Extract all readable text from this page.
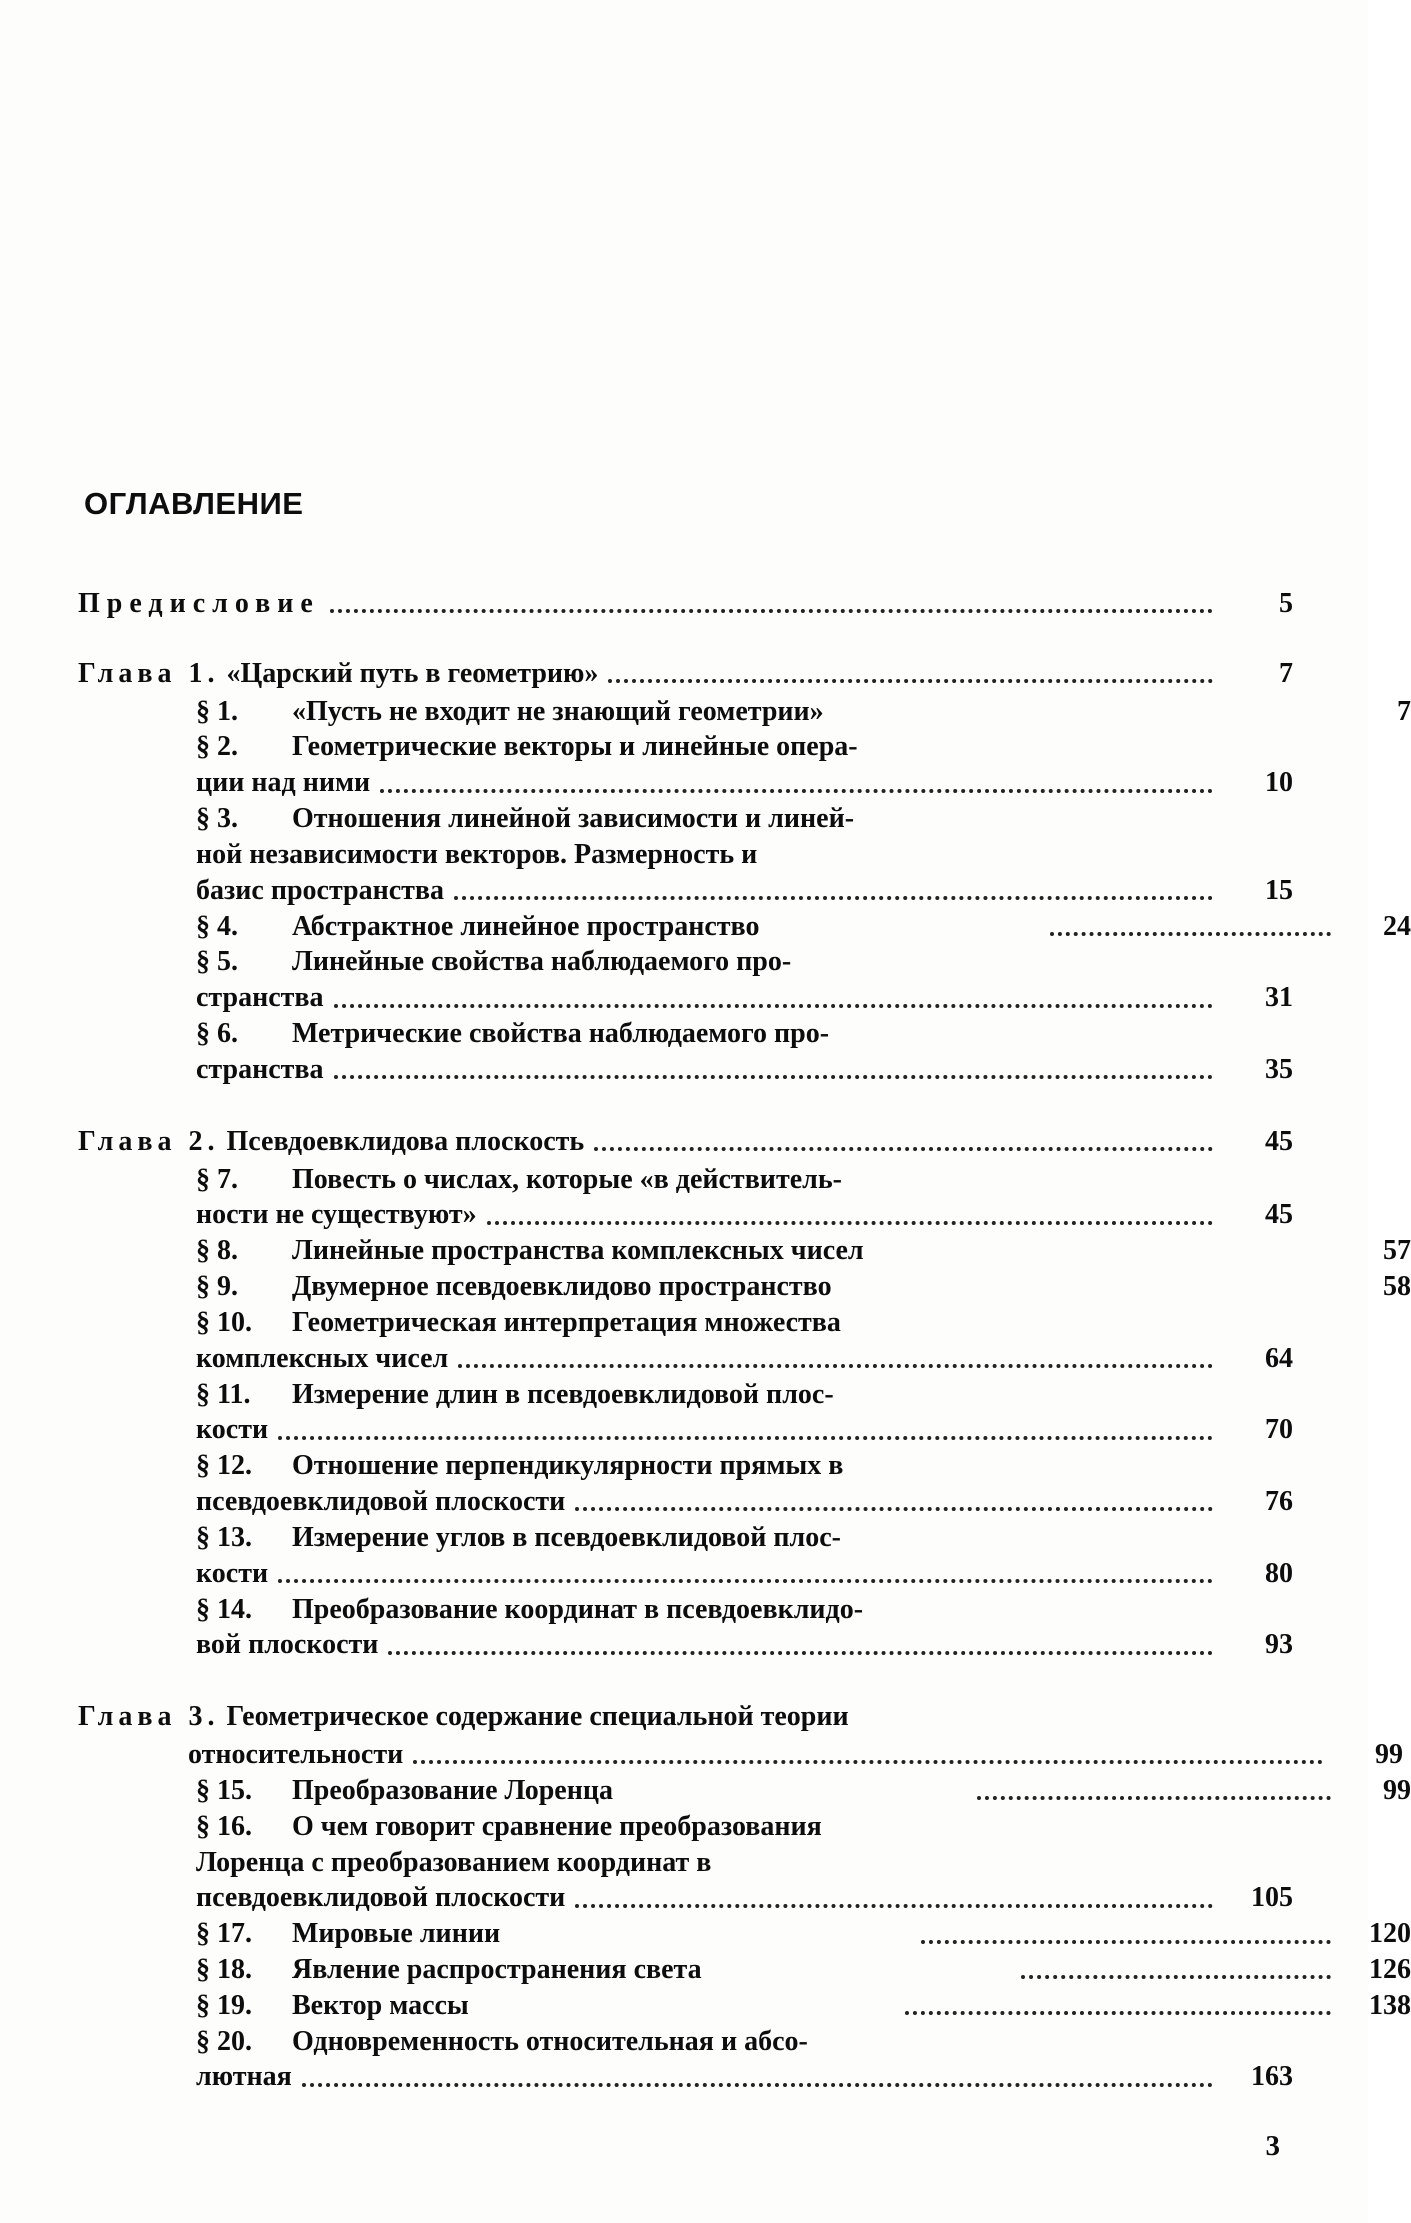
ОГЛАВЛЕНИЕ
Предисловие	5
Глава 1. «Царский путь в геометрию»	7
§ 1.	«Пусть не входит не знающий геометрии»	7
§ 2.	Геометрические векторы и линейные опера-
ции над ними	10
§ 3.	Отношения линейной зависимости и линей-
ной независимости векторов. Размерность и
базис пространства	15
§ 4.	Абстрактное линейное пространство	24
§ 5.	Линейные свойства наблюдаемого про-
странства	31
§ 6.	Метрические свойства наблюдаемого про-
странства	35
Глава 2. Псевдоевклидова плоскость	45
§ 7.	Повесть о числах, которые «в действитель-
ности не существуют»	45
§ 8.	Линейные пространства комплексных чисел	57
§ 9.	Двумерное псевдоевклидово пространство	58
§ 10.	Геометрическая интерпретация множества
комплексных чисел	64
§ 11.	Измерение длин в псевдоевклидовой плос-
кости	70
§ 12.	Отношение перпендикулярности прямых в
псевдоевклидовой плоскости	76
§ 13.	Измерение углов в псевдоевклидовой плос-
кости	80
§ 14.	Преобразование координат в псевдоевклидо-
вой плоскости	93
Глава 3. Геометрическое содержание специальной теории
относительности	99
§ 15.	Преобразование Лоренца	99
§ 16.	О чем говорит сравнение преобразования
Лоренца с преобразованием координат в
псевдоевклидовой плоскости	105
§ 17.	Мировые линии	120
§ 18.	Явление распространения света	126
§ 19.	Вектор массы	138
§ 20.	Одновременность относительная и абсо-
лютная	163
3
